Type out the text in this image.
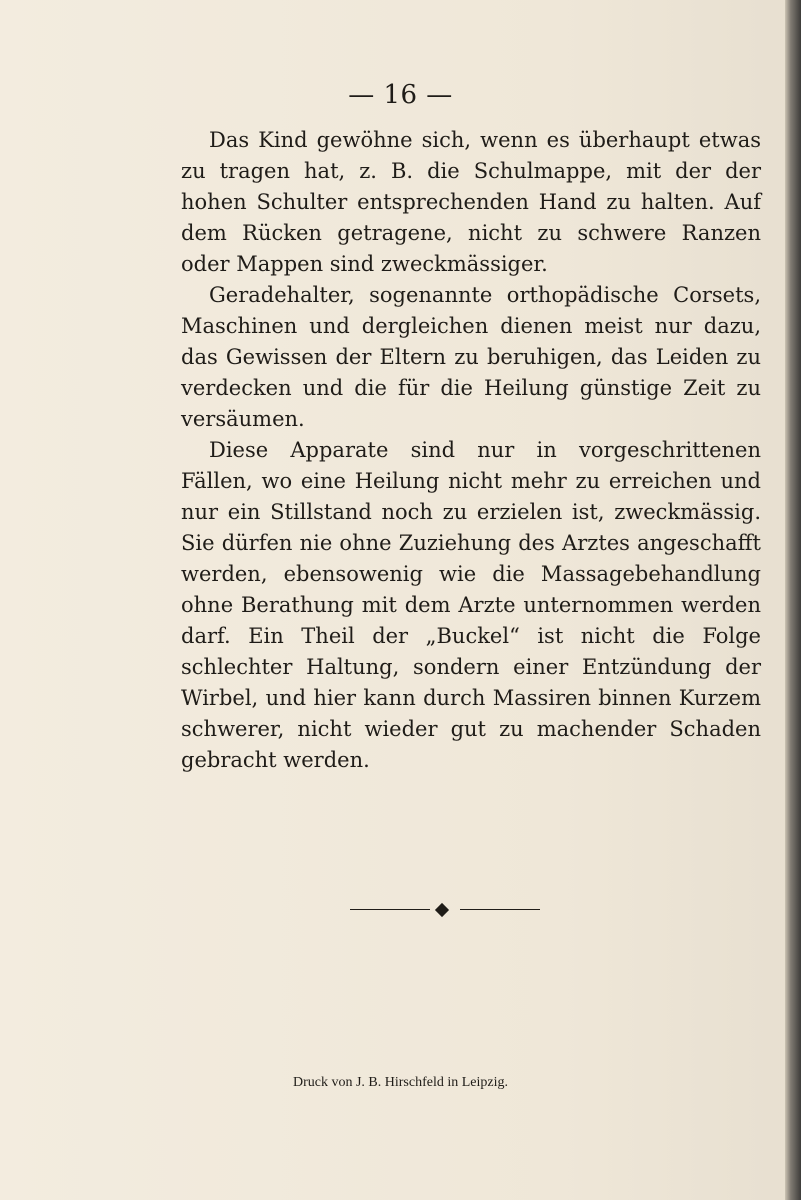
— 16 —

Das Kind gewöhne sich, wenn es überhaupt etwas zu tragen hat, z. B. die Schulmappe, mit der der hohen Schulter entsprechenden Hand zu halten. Auf dem Rücken getragene, nicht zu schwere Ranzen oder Mappen sind zweckmässiger.

Geradehalter, sogenannte orthopädische Corsets, Maschinen und dergleichen dienen meist nur dazu, das Gewissen der Eltern zu beruhigen, das Leiden zu verdecken und die für die Heilung günstige Zeit zu versäumen.

Diese Apparate sind nur in vorgeschrittenen Fällen, wo eine Heilung nicht mehr zu erreichen und nur ein Stillstand noch zu erzielen ist, zweckmässig. Sie dürfen nie ohne Zuziehung des Arztes angeschafft werden, ebensowenig wie die Massagebehandlung ohne Berathung mit dem Arzte unternommen werden darf. Ein Theil der „Buckel“ ist nicht die Folge schlechter Haltung, sondern einer Entzündung der Wirbel, und hier kann durch Massiren binnen Kurzem schwerer, nicht wieder gut zu machender Schaden gebracht werden.

Druck von J. B. Hirschfeld in Leipzig.
